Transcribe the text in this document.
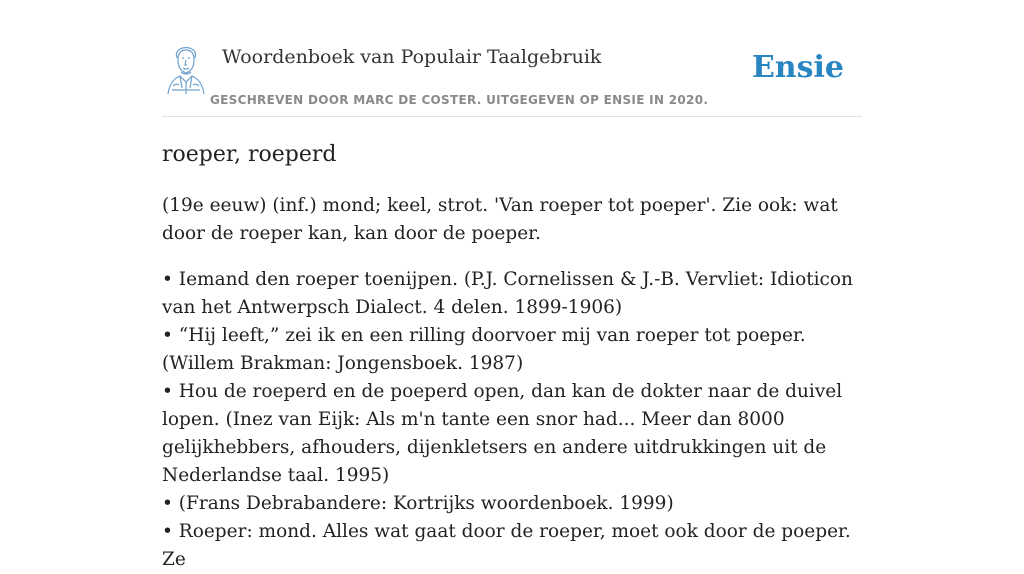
Woordenboek van Populair Taalgebruik
GESCHREVEN DOOR MARC DE COSTER. UITGEGEVEN OP ENSIE IN 2020.
Ensie
roeper, roeperd

(19e eeuw) (inf.) mond; keel, strot. 'Van roeper tot poeper'. Zie ook: wat door de roeper kan, kan door de poeper.

• Iemand den roeper toenijpen. (P.J. Cornelissen & J.-B. Vervliet: Idioticon van het Antwerpsch Dialect. 4 delen. 1899-1906)
• “Hij leeft,” zei ik en een rilling doorvoer mij van roeper tot poeper. (Willem Brakman: Jongensboek. 1987)
• Hou de roeperd en de poeperd open, dan kan de dokter naar de duivel lopen. (Inez van Eijk: Als m'n tante een snor had... Meer dan 8000 gelijkhebbers, afhouders, dijenkletsers en andere uitdrukkingen uit de Nederlandse taal. 1995)
• (Frans Debrabandere: Kortrijks woordenboek. 1999)
• Roeper: mond. Alles wat gaat door de roeper, moet ook door de poeper. Ze
